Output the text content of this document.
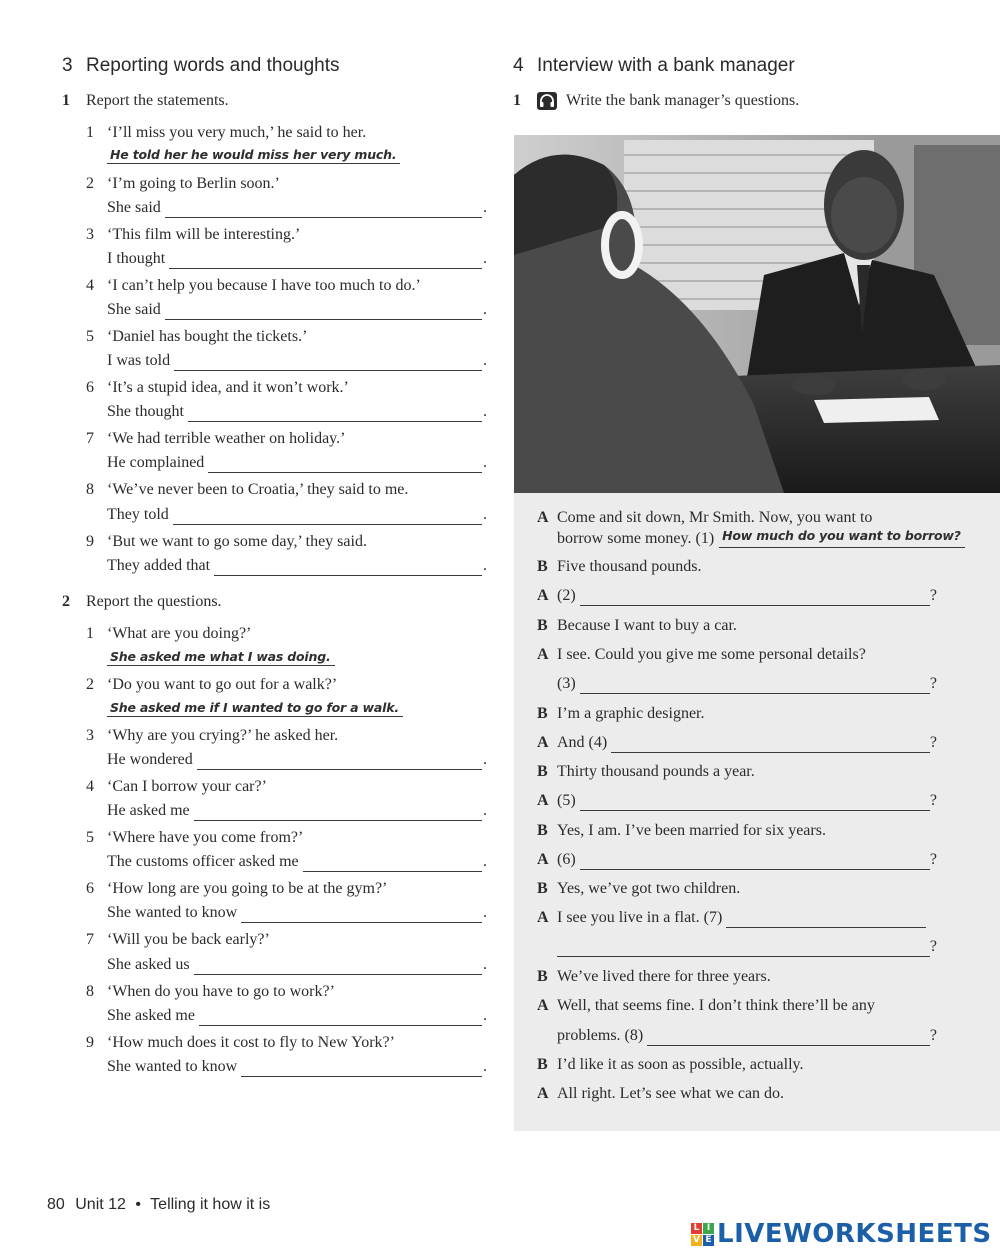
3 Reporting words and thoughts
1 Report the statements.
1 ‘I’ll miss you very much,’ he said to her.
He told her he would miss her very much.
2 ‘I’m going to Berlin soon.’
She said	.
3 ‘This film will be interesting.’
I thought	.
4 ‘I can’t help you because I have too much to do.’
She said	.
5 ‘Daniel has bought the tickets.’
I was told	.
6 ‘It’s a stupid idea, and it won’t work.’
She thought	.
7 ‘We had terrible weather on holiday.’
He complained	.
8 ‘We’ve never been to Croatia,’ they said to me.
They told	.
9 ‘But we want to go some day,’ they said.
They added that	.
2 Report the questions.
1 ‘What are you doing?’
She asked me what I was doing.
2 ‘Do you want to go out for a walk?’
She asked me if I wanted to go for a walk.
3 ‘Why are you crying?’ he asked her.
He wondered	.
4 ‘Can I borrow your car?’
He asked me	.
5 ‘Where have you come from?’
The customs officer asked me	.
6 ‘How long are you going to be at the gym?’
She wanted to know	.
7 ‘Will you be back early?’
She asked us	.
8 ‘When do you have to go to work?’
She asked me	.
9 ‘How much does it cost to fly to New York?’
She wanted to know	.
4 Interview with a bank manager
1	Write the bank manager’s questions.
A Come and sit down, Mr Smith. Now, you want to
borrow some money. (1) How much do you want to borrow?
B Five thousand pounds.
A (2)	?
B Because I want to buy a car.
A I see. Could you give me some personal details?
(3)	?
B I’m a graphic designer.
A And (4)	?
B Thirty thousand pounds a year.
A (5)	?
B Yes, I am. I’ve been married for six years.
A (6)	?
B Yes, we’ve got two children.
A I see you live in a flat. (7)
?
B We’ve lived there for three years.
A Well, that seems fine. I don’t think there’ll be any
problems. (8)	?
B I’d like it as soon as possible, actually.
A All right. Let’s see what we can do.
80 Unit 12 • Telling it how it is
L I
V E LIVEWORKSHEETS
